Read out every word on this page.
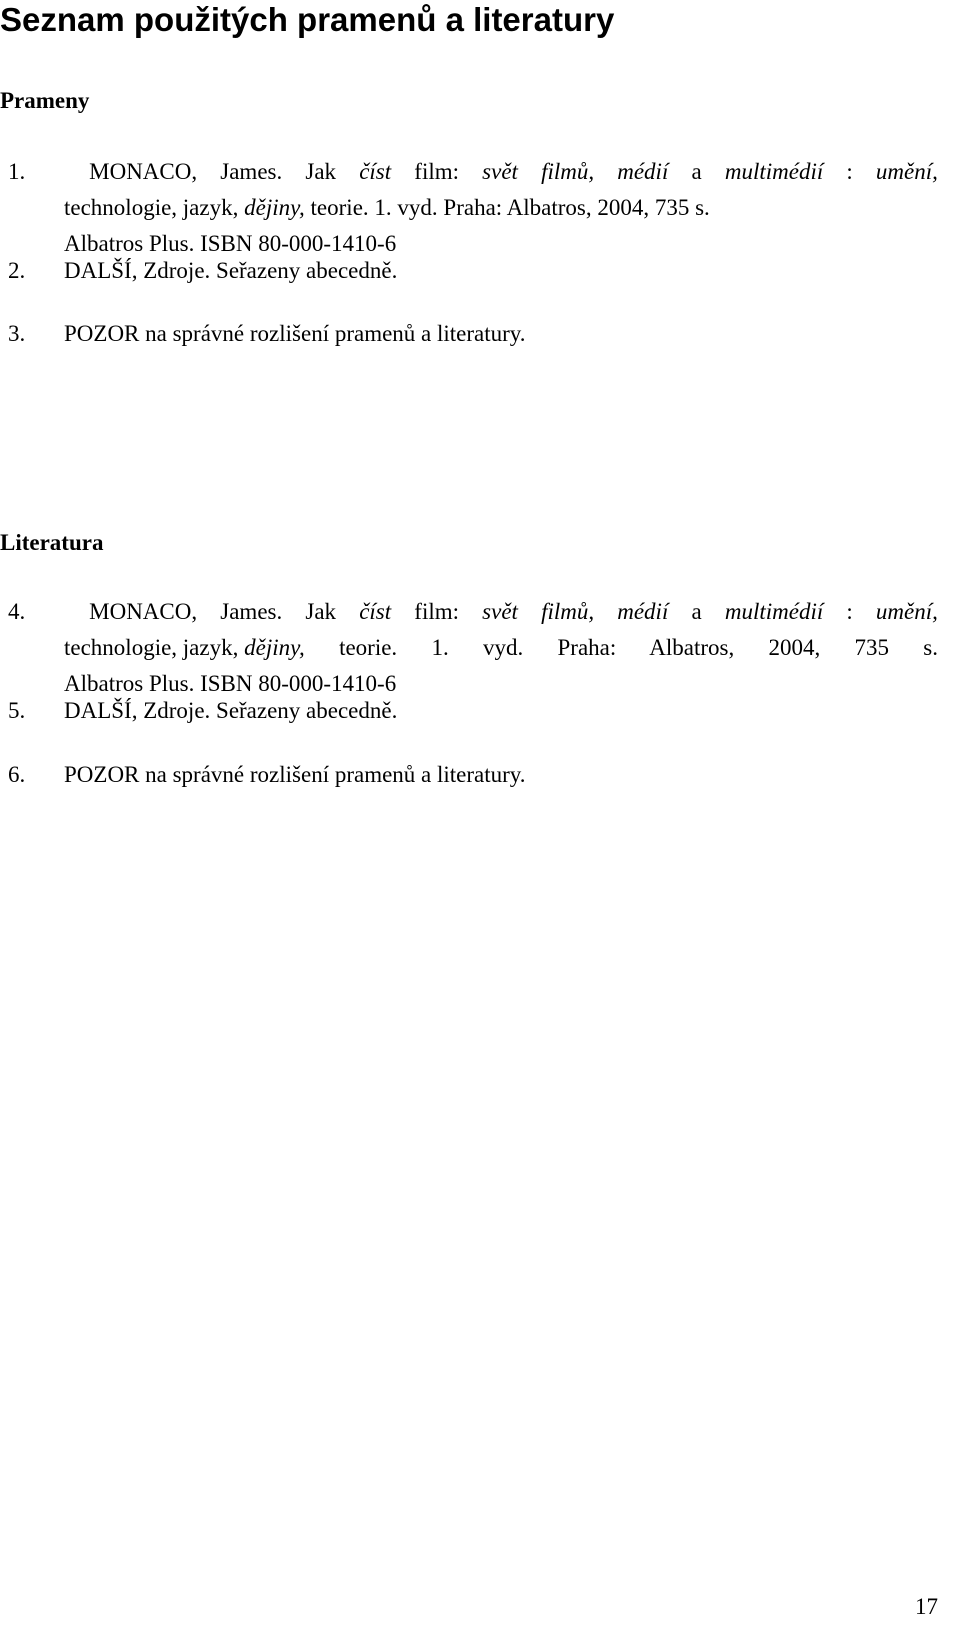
Seznam použitých pramenů a literatury
Prameny
1.	MONACO, James. Jak číst film: svět filmů, médií a multimédií : umění,
technologie, jazyk, dějiny, teorie. 1. vyd. Praha: Albatros, 2004, 735 s.
Albatros Plus. ISBN 80-000-1410-6
2. DALŠÍ, Zdroje. Seřazeny abecedně.
3. POZOR na správné rozlišení pramenů a literatury.
Literatura
4.	MONACO, James. Jak číst film: svět filmů, médií a multimédií : umění,
technologie, jazyk, dějiny, teorie. 1. vyd. Praha: Albatros, 2004, 735 s.
Albatros Plus. ISBN 80-000-1410-6
5. DALŠÍ, Zdroje. Seřazeny abecedně.
6. POZOR na správné rozlišení pramenů a literatury.
17
